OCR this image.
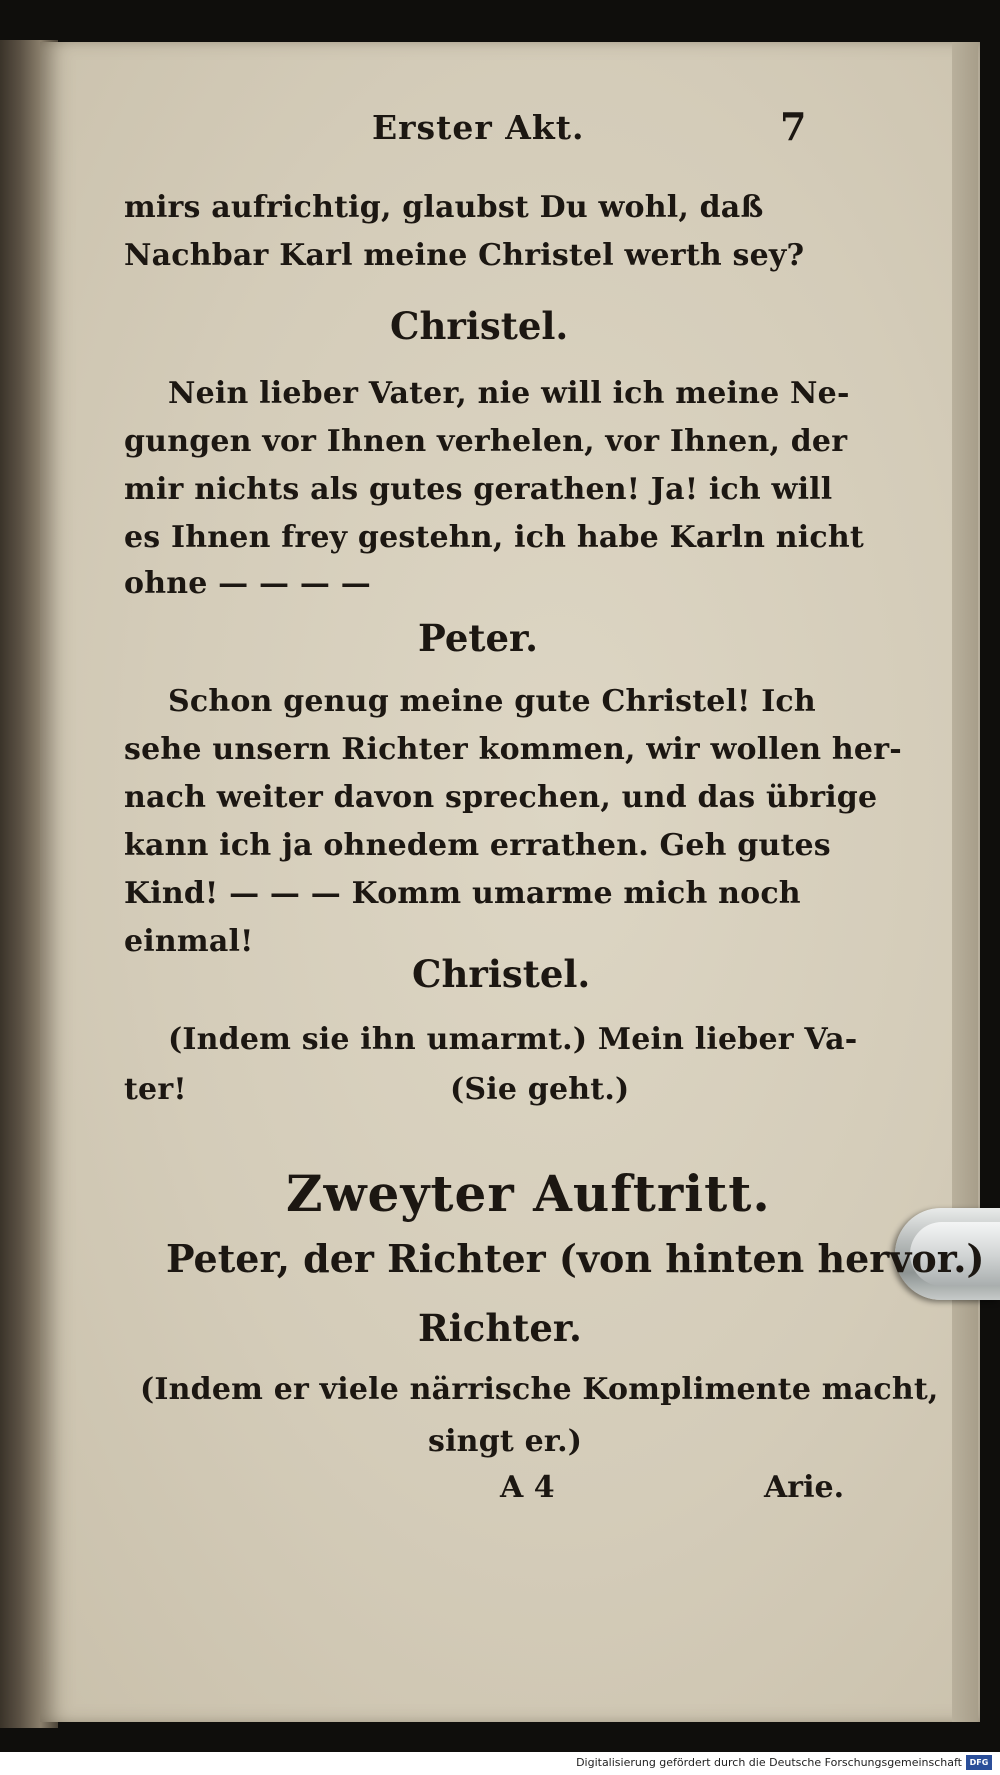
Erster Akt.	7

mirs aufrichtig, glaubst Du wohl, daß

Nachbar Karl meine Christel werth sey?

Christel.

Nein lieber Vater, nie will ich meine Ne-

gungen vor Ihnen verhelen, vor Ihnen, der

mir nichts als gutes gerathen! Ja! ich will

es Ihnen frey gestehn, ich habe Karln nicht

ohne — — — —

Peter.

Schon genug meine gute Christel! Ich

sehe unsern Richter kommen, wir wollen her-

nach weiter davon sprechen, und das übrige

kann ich ja ohnedem errathen. Geh gutes

Kind! — — — Komm umarme mich noch

einmal!

Christel.

(Indem sie ihn umarmt.) Mein lieber Va-

ter!	(Sie geht.)

Zweyter Auftritt.

Peter, der Richter (von hinten hervor.)

Richter.

(Indem er viele närrische Komplimente macht,

singt er.)

A 4	Arie.

Digitalisierung gefördert durch die Deutsche Forschungsgemeinschaft DFG
